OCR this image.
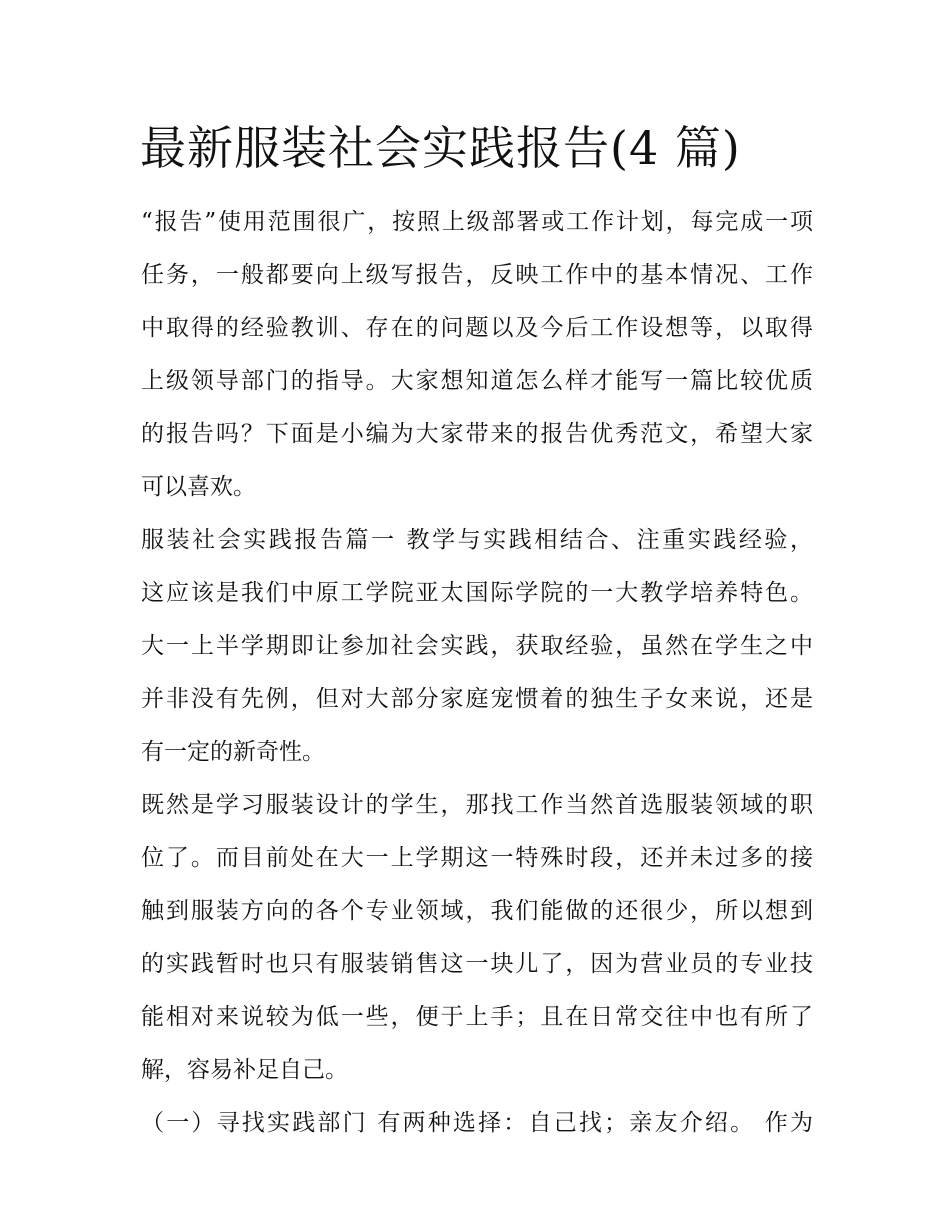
最新服装社会实践报告(4 篇)
“报告”使用范围很广，按照上级部署或工作计划，每完成一项
任务，一般都要向上级写报告，反映工作中的基本情况、工作
中取得的经验教训、存在的问题以及今后工作设想等，以取得
上级领导部门的指导。大家想知道怎么样才能写一篇比较优质
的报告吗？下面是小编为大家带来的报告优秀范文，希望大家
可以喜欢。
服装社会实践报告篇一 教学与实践相结合、注重实践经验，
这应该是我们中原工学院亚太国际学院的一大教学培养特色。
大一上半学期即让参加社会实践，获取经验，虽然在学生之中
并非没有先例，但对大部分家庭宠惯着的独生子女来说，还是
有一定的新奇性。
既然是学习服装设计的学生，那找工作当然首选服装领域的职
位了。而目前处在大一上学期这一特殊时段，还并未过多的接
触到服装方向的各个专业领域，我们能做的还很少，所以想到
的实践暂时也只有服装销售这一块儿了，因为营业员的专业技
能相对来说较为低一些，便于上手；且在日常交往中也有所了
解，容易补足自己。
（一）寻找实践部门 有两种选择：自己找；亲友介绍。 作为
